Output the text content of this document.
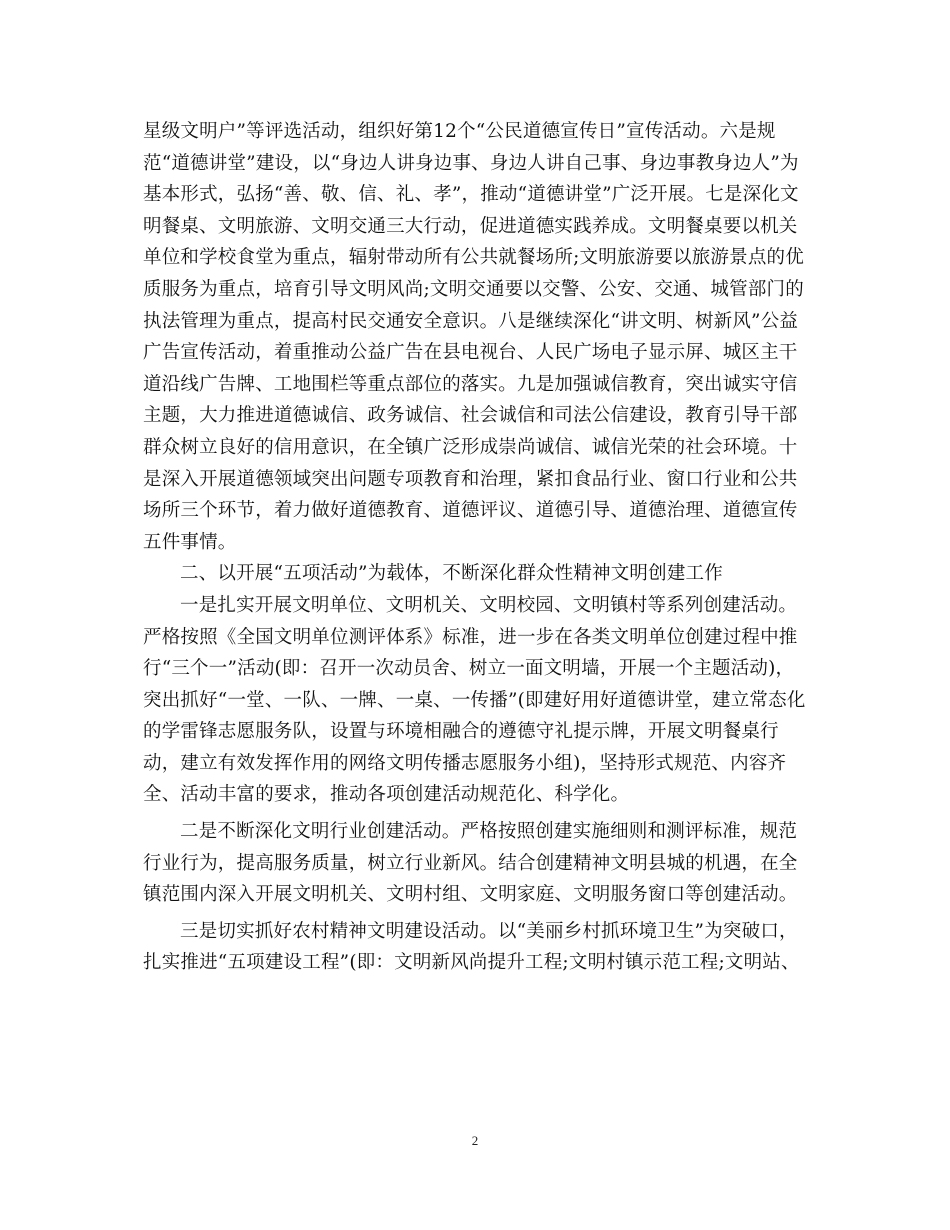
星级文明户”等评选活动，组织好第12个“公民道德宣传日”宣传活动。六是规
范“道德讲堂”建设，以“身边人讲身边事、身边人讲自己事、身边事教身边人”为
基本形式，弘扬“善、敬、信、礼、孝”，推动“道德讲堂”广泛开展。七是深化文
明餐桌、文明旅游、文明交通三大行动，促进道德实践养成。文明餐桌要以机关
单位和学校食堂为重点，辐射带动所有公共就餐场所;文明旅游要以旅游景点的优
质服务为重点，培育引导文明风尚;文明交通要以交警、公安、交通、城管部门的
执法管理为重点，提高村民交通安全意识。八是继续深化“讲文明、树新风”公益
广告宣传活动，着重推动公益广告在县电视台、人民广场电子显示屏、城区主干
道沿线广告牌、工地围栏等重点部位的落实。九是加强诚信教育，突出诚实守信
主题，大力推进道德诚信、政务诚信、社会诚信和司法公信建设，教育引导干部
群众树立良好的信用意识，在全镇广泛形成崇尚诚信、诚信光荣的社会环境。十
是深入开展道德领域突出问题专项教育和治理，紧扣食品行业、窗口行业和公共
场所三个环节，着力做好道德教育、道德评议、道德引导、道德治理、道德宣传
五件事情。
二、以开展“五项活动”为载体，不断深化群众性精神文明创建工作
一是扎实开展文明单位、文明机关、文明校园、文明镇村等系列创建活动。
严格按照《全国文明单位测评体系》标准，进一步在各类文明单位创建过程中推
行“三个一”活动(即：召开一次动员舍、树立一面文明墙，开展一个主题活动)，
突出抓好“一堂、一队、一牌、一桌、一传播”(即建好用好道德讲堂，建立常态化
的学雷锋志愿服务队，设置与环境相融合的遵德守礼提示牌，开展文明餐桌行
动，建立有效发挥作用的网络文明传播志愿服务小组)，坚持形式规范、内容齐
全、活动丰富的要求，推动各项创建活动规范化、科学化。
二是不断深化文明行业创建活动。严格按照创建实施细则和测评标准，规范
行业行为，提高服务质量，树立行业新风。结合创建精神文明县城的机遇，在全
镇范围内深入开展文明机关、文明村组、文明家庭、文明服务窗口等创建活动。
三是切实抓好农村精神文明建设活动。以“美丽乡村抓环境卫生”为突破口，
扎实推进“五项建设工程”(即：文明新风尚提升工程;文明村镇示范工程;文明站、
2
